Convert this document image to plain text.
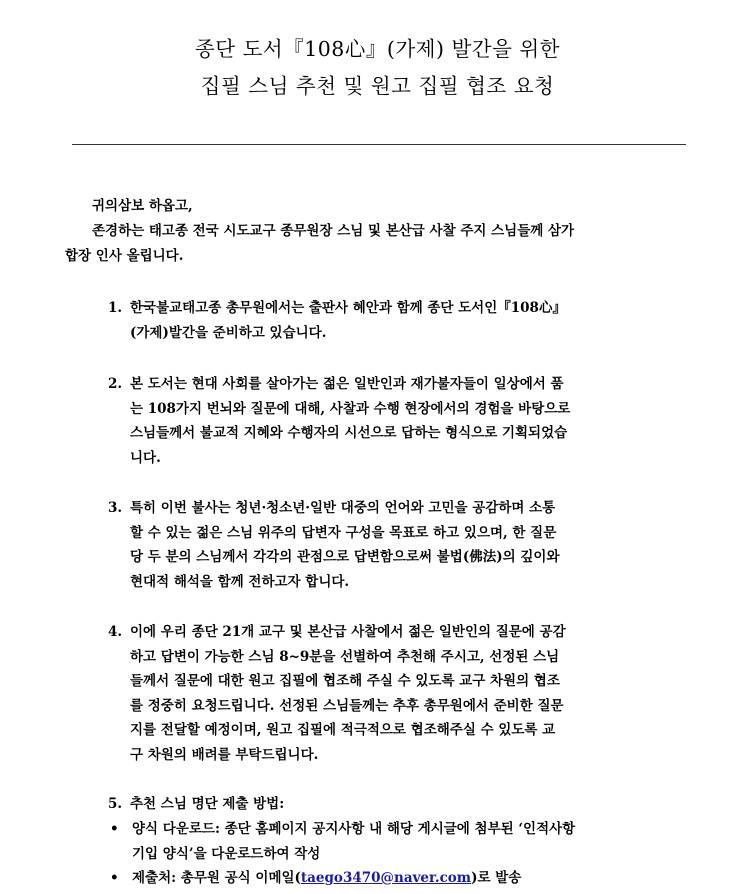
종단 도서『108心』(가제) 발간을 위한
집필 스님 추천 및 원고 집필 협조 요청
귀의삼보 하옵고,
존경하는 태고종 전국 시도교구 종무원장 스님 및 본산급 사찰 주지 스님들께 삼가
합장 인사 올립니다.
1. 한국불교태고종 총무원에서는 출판사 혜안과 함께 종단 도서인『108心』
(가제)발간을 준비하고 있습니다.
2. 본 도서는 현대 사회를 살아가는 젊은 일반인과 재가불자들이 일상에서 품
는 108가지 번뇌와 질문에 대해, 사찰과 수행 현장에서의 경험을 바탕으로
스님들께서 불교적 지혜와 수행자의 시선으로 답하는 형식으로 기획되었습
니다.
3. 특히 이번 불사는 청년·청소년·일반 대중의 언어와 고민을 공감하며 소통
할 수 있는 젊은 스님 위주의 답변자 구성을 목표로 하고 있으며, 한 질문
당 두 분의 스님께서 각각의 관점으로 답변함으로써 불법(佛法)의 깊이와
현대적 해석을 함께 전하고자 합니다.
4. 이에 우리 종단 21개 교구 및 본산급 사찰에서 젊은 일반인의 질문에 공감
하고 답변이 가능한 스님 8~9분을 선별하여 추천해 주시고, 선정된 스님
들께서 질문에 대한 원고 집필에 협조해 주실 수 있도록 교구 차원의 협조
를 정중히 요청드립니다. 선정된 스님들께는 추후 총무원에서 준비한 질문
지를 전달할 예정이며, 원고 집필에 적극적으로 협조해주실 수 있도록 교
구 차원의 배려를 부탁드립니다.
5. 추천 스님 명단 제출 방법:
• 양식 다운로드: 종단 홈페이지 공지사항 내 해당 게시글에 첨부된 ‘인적사항
기입 양식’을 다운로드하여 작성
• 제출처: 총무원 공식 이메일(taego3470@naver.com)로 발송
